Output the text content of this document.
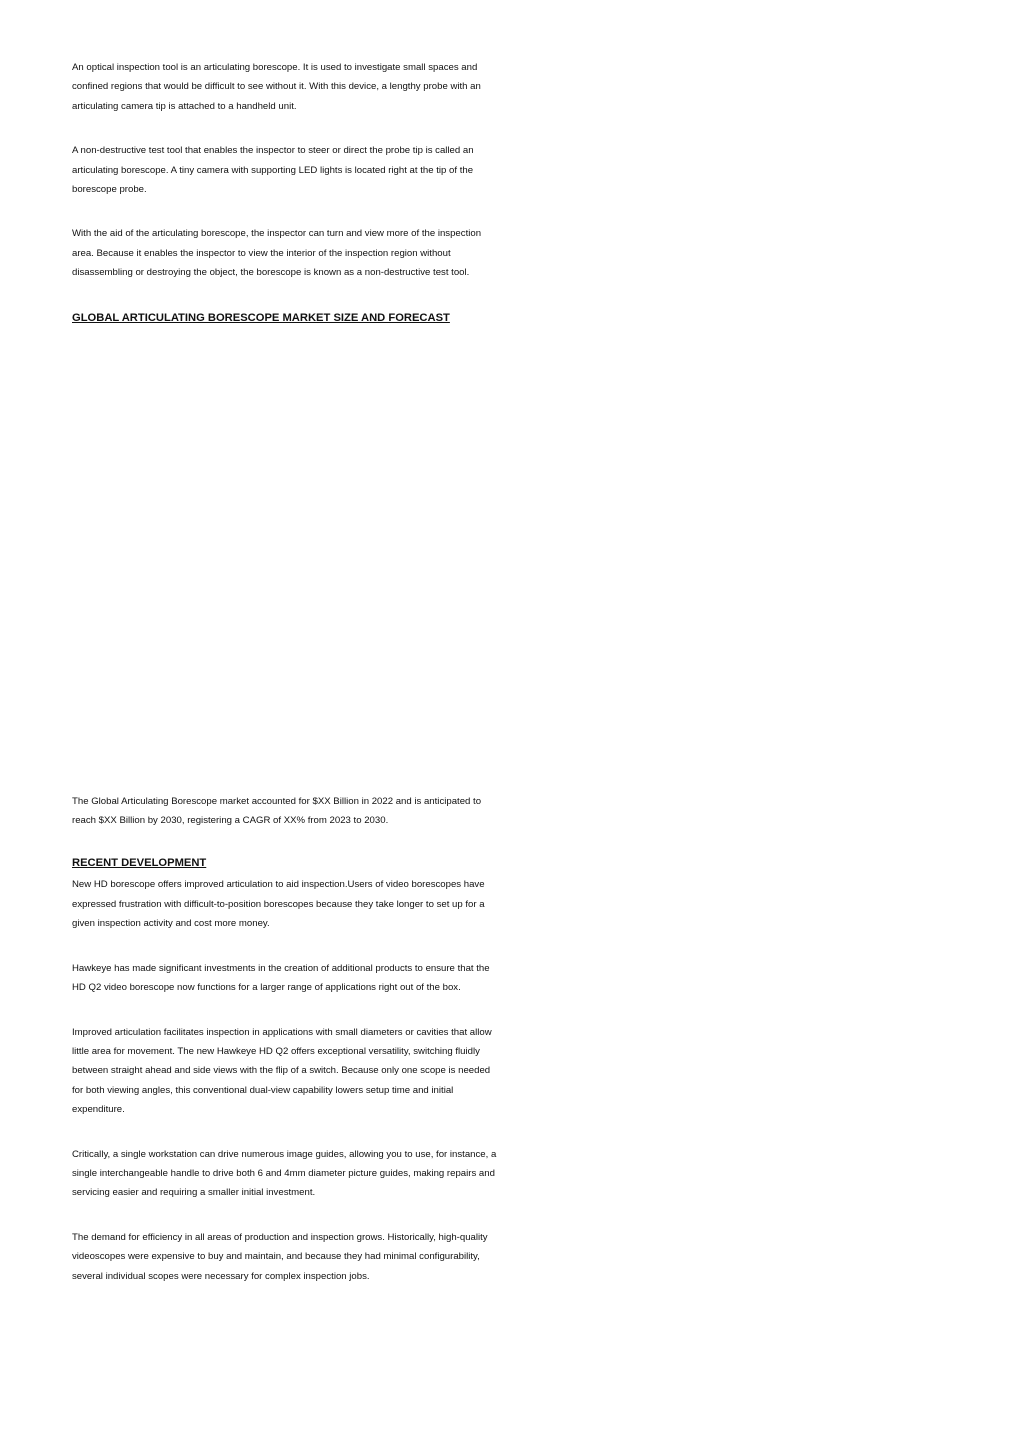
An optical inspection tool is an articulating borescope. It is used to investigate small spaces and confined regions that would be difficult to see without it. With this device, a lengthy probe with an articulating camera tip is attached to a handheld unit.

A non-destructive test tool that enables the inspector to steer or direct the probe tip is called an articulating borescope. A tiny camera with supporting LED lights is located right at the tip of the borescope probe.

With the aid of the articulating borescope, the inspector can turn and view more of the inspection area. Because it enables the inspector to view the interior of the inspection region without disassembling or destroying the object, the borescope is known as a non-destructive test tool.

GLOBAL ARTICULATING BORESCOPE MARKET SIZE AND FORECAST

The Global Articulating Borescope market accounted for $XX Billion in 2022 and is anticipated to reach $XX Billion by 2030, registering a CAGR of XX% from 2023 to 2030.

RECENT DEVELOPMENT

New HD borescope offers improved articulation to aid inspection.Users of video borescopes have expressed frustration with difficult-to-position borescopes because they take longer to set up for a given inspection activity and cost more money.

Hawkeye has made significant investments in the creation of additional products to ensure that the HD Q2 video borescope now functions for a larger range of applications right out of the box.

Improved articulation facilitates inspection in applications with small diameters or cavities that allow little area for movement. The new Hawkeye HD Q2 offers exceptional versatility, switching fluidly between straight ahead and side views with the flip of a switch. Because only one scope is needed for both viewing angles, this conventional dual-view capability lowers setup time and initial expenditure.

Critically, a single workstation can drive numerous image guides, allowing you to use, for instance, a single interchangeable handle to drive both 6 and 4mm diameter picture guides, making repairs and servicing easier and requiring a smaller initial investment.

The demand for efficiency in all areas of production and inspection grows. Historically, high-quality videoscopes were expensive to buy and maintain, and because they had minimal configurability, several individual scopes were necessary for complex inspection jobs.
